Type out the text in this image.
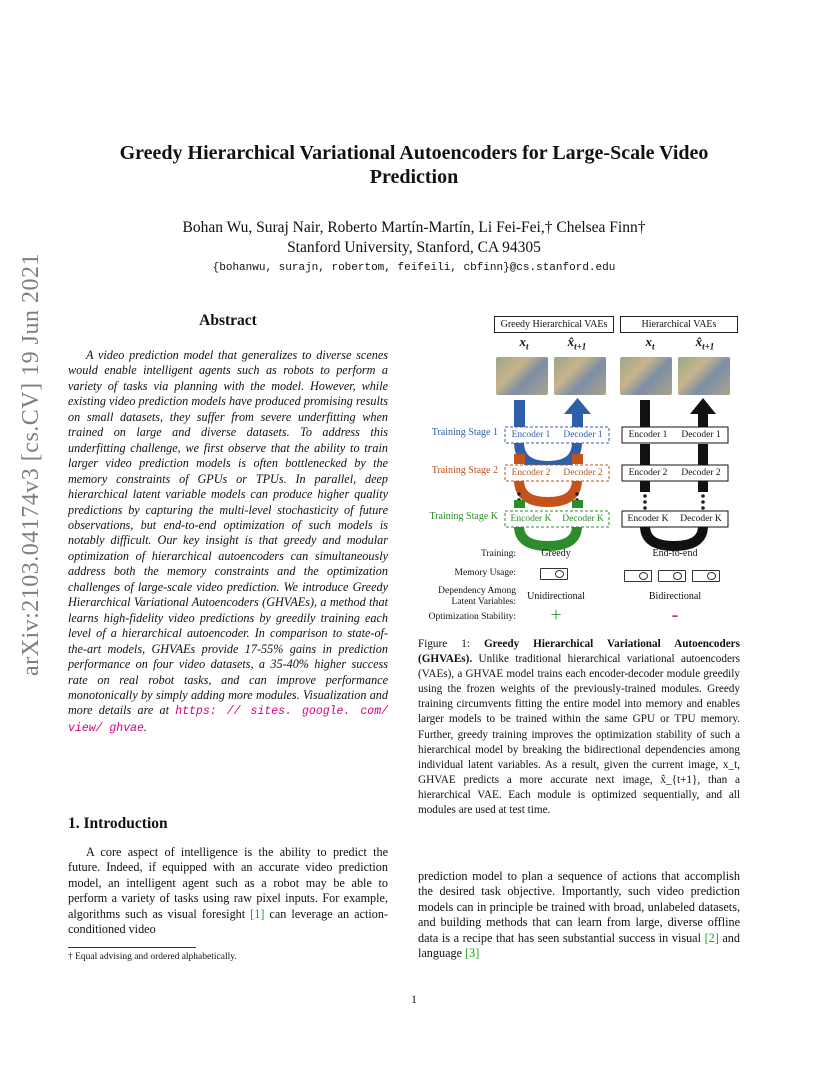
arXiv:2103.04174v3 [cs.CV] 19 Jun 2021
Greedy Hierarchical Variational Autoencoders for Large-Scale Video
Prediction
Bohan Wu, Suraj Nair, Roberto Martín-Martín, Li Fei-Fei,† Chelsea Finn†
Stanford University, Stanford, CA 94305
{bohanwu, surajn, robertom, feifeili, cbfinn}@cs.stanford.edu
Abstract
A video prediction model that generalizes to diverse scenes would enable intelligent agents such as robots to perform a variety of tasks via planning with the model. However, while existing video prediction models have produced promising results on small datasets, they suffer from severe underfitting when trained on large and diverse datasets. To address this underfitting challenge, we first observe that the ability to train larger video prediction models is often bottlenecked by the memory constraints of GPUs or TPUs. In parallel, deep hierarchical latent variable models can produce higher quality predictions by capturing the multi-level stochasticity of future observations, but end-to-end optimization of such models is notably difficult. Our key insight is that greedy and modular optimization of hierarchical autoencoders can simultaneously address both the memory constraints and the optimization challenges of large-scale video prediction. We introduce Greedy Hierarchical Variational Autoencoders (GHVAEs), a method that learns high-fidelity video predictions by greedily training each level of a hierarchical autoencoder. In comparison to state-of-the-art models, GHVAEs provide 17-55% gains in prediction performance on four video datasets, a 35-40% higher success rate on real robot tasks, and can improve performance monotonically by simply adding more modules. Visualization and more details are at https: // sites. google. com/ view/ ghvae.
1. Introduction
A core aspect of intelligence is the ability to predict the future. Indeed, if equipped with an accurate video prediction model, an intelligent agent such as a robot may be able to perform a variety of tasks using raw pixel inputs. For example, algorithms such as visual foresight [1] can leverage an action-conditioned video
† Equal advising and ordered alphabetically.
Greedy Hierarchical VAEs	Hierarchical VAEs
$x_t$	$x̂_{t+1}$	$x_t$	$x̂_{t+1}$
Training Stage 1
Training Stage 2
Training Stage K
Encoder 1	Decoder 1
Encoder 2	Decoder 2
Encoder K	Decoder K
Encoder 1	Decoder 1
Encoder 2	Decoder 2
Encoder K	Decoder K
Training:	Greedy	End-to-end
Memory Usage:
Dependency Among Latent Variables:	Unidirectional	Bidirectional
Optimization Stability:	+	-
Figure 1: Greedy Hierarchical Variational Autoencoders (GHVAEs). Unlike traditional hierarchical variational autoencoders (VAEs), a GHVAE model trains each encoder-decoder module greedily using the frozen weights of the previously-trained modules. Greedy training circumvents fitting the entire model into memory and enables larger models to be trained within the same GPU or TPU memory. Further, greedy training improves the optimization stability of such a hierarchical model by breaking the bidirectional dependencies among individual latent variables. As a result, given the current image, x_t, GHVAE predicts a more accurate next image, x̂_{t+1}, than a hierarchical VAE. Each module is optimized sequentially, and all modules are used at test time.
prediction model to plan a sequence of actions that accomplish the desired task objective. Importantly, such video prediction models can in principle be trained with broad, unlabeled datasets, and building methods that can learn from large, diverse offline data is a recipe that has seen substantial success in visual [2] and language [3]
1
